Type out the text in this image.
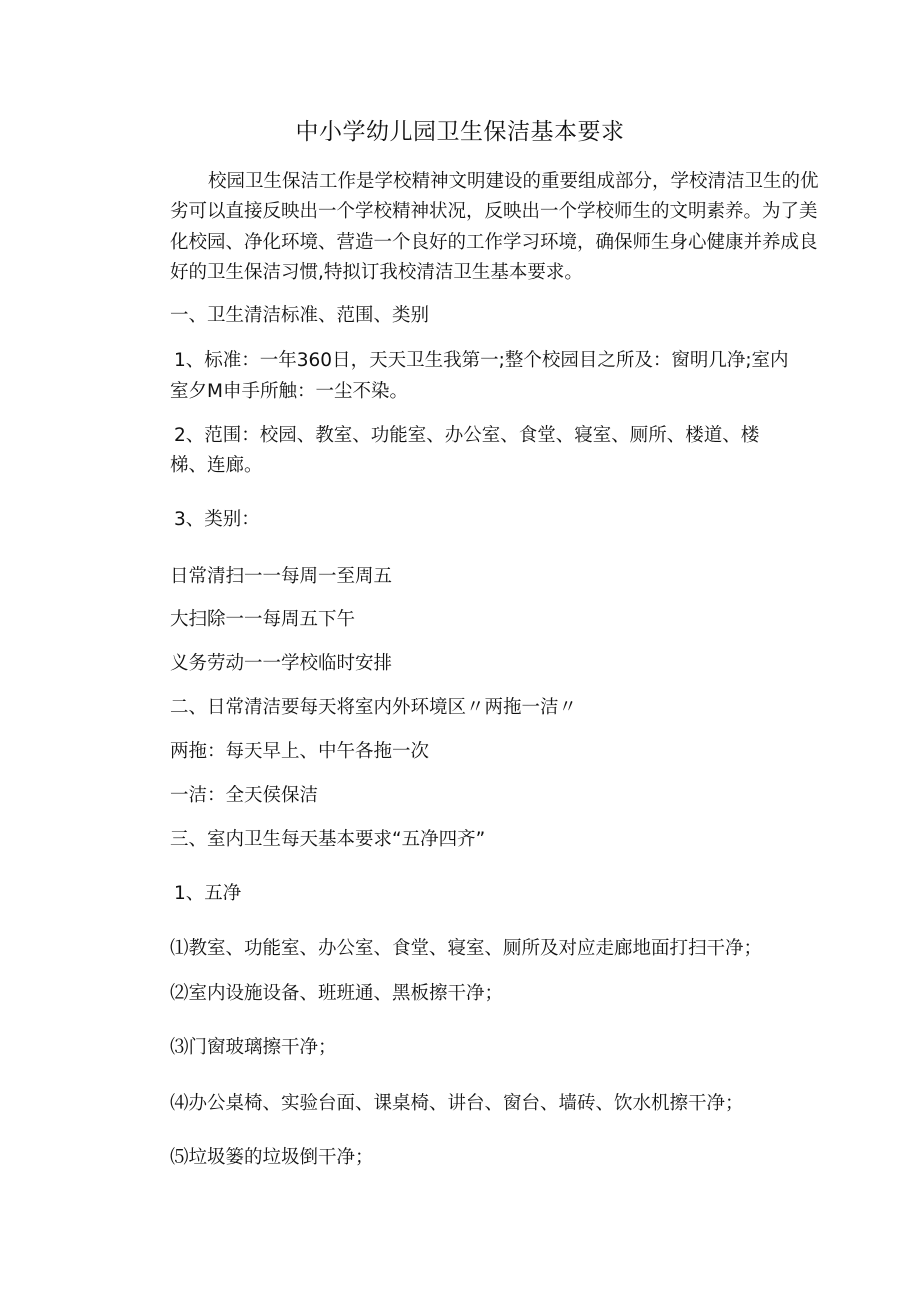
中小学幼儿园卫生保洁基本要求
校园卫生保洁工作是学校精神文明建设的重要组成部分，学校清洁卫生的优
劣可以直接反映出一个学校精神状况，反映出一个学校师生的文明素养。为了美
化校园、净化环境、营造一个良好的工作学习环境，确保师生身心健康并养成良
好的卫生保洁习惯,特拟订我校清洁卫生基本要求。
一、卫生清洁标准、范围、类别
1、标准：一年360日，天天卫生我第一;整个校园目之所及：窗明几净;室内
室夕M申手所触：一尘不染。
2、范围：校园、教室、功能室、办公室、食堂、寝室、厕所、楼道、楼
梯、连廊。
3、类别：
日常清扫一一每周一至周五
大扫除一一每周五下午
义务劳动一一学校临时安排
二、日常清洁要每天将室内外环境区〃两拖一洁〃
两拖：每天早上、中午各拖一次
一洁：全天侯保洁
三、室内卫生每天基本要求“五净四齐”
1、五净
⑴教室、功能室、办公室、食堂、寝室、厕所及对应走廊地面打扫干净；
⑵室内设施设备、班班通、黑板擦干净；
⑶门窗玻璃擦干净；
⑷办公桌椅、实验台面、课桌椅、讲台、窗台、墙砖、饮水机擦干净；
⑸垃圾篓的垃圾倒干净；
